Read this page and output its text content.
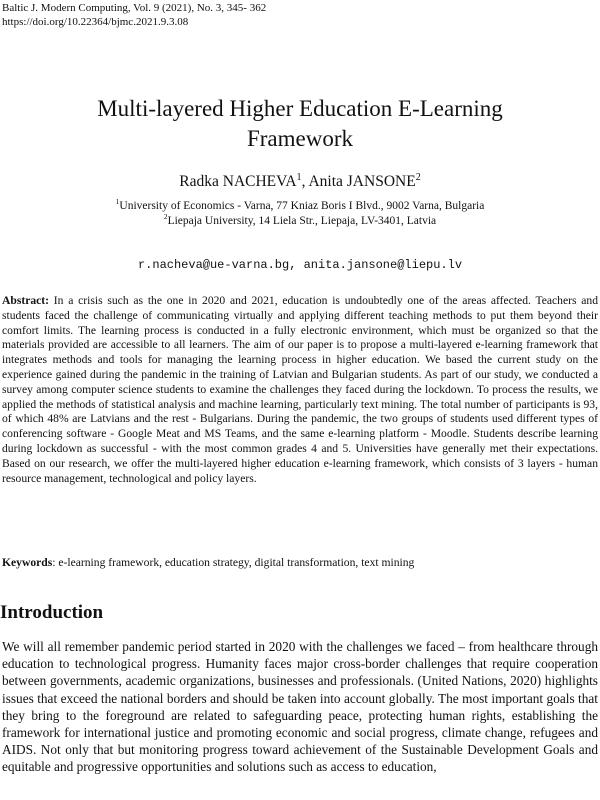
Baltic J. Modern Computing, Vol. 9 (2021), No. 3, 345- 362
https://doi.org/10.22364/bjmc.2021.9.3.08
Multi-layered Higher Education E-Learning
Framework
Radka NACHEVA$^1$, Anita JANSONE$^2$
$^1$University of Economics - Varna, 77 Kniaz Boris I Blvd., 9002 Varna, Bulgaria
$^2$Liepaja University, 14 Liela Str., Liepaja, LV-3401, Latvia
r.nacheva@ue-varna.bg, anita.jansone@liepu.lv
Abstract: In a crisis such as the one in 2020 and 2021, education is undoubtedly one of the areas affected. Teachers and students faced the challenge of communicating virtually and applying different teaching methods to put them beyond their comfort limits. The learning process is conducted in a fully electronic environment, which must be organized so that the materials provided are accessible to all learners. The aim of our paper is to propose a multi-layered e-learning framework that integrates methods and tools for managing the learning process in higher education. We based the current study on the experience gained during the pandemic in the training of Latvian and Bulgarian students. As part of our study, we conducted a survey among computer science students to examine the challenges they faced during the lockdown. To process the results, we applied the methods of statistical analysis and machine learning, particularly text mining. The total number of participants is 93, of which 48% are Latvians and the rest - Bulgarians. During the pandemic, the two groups of students used different types of conferencing software - Google Meat and MS Teams, and the same e-learning platform - Moodle. Students describe learning during lockdown as successful - with the most common grades 4 and 5. Universities have generally met their expectations. Based on our research, we offer the multi-layered higher education e-learning framework, which consists of 3 layers - human resource management, technological and policy layers.
Keywords: e-learning framework, education strategy, digital transformation, text mining
Introduction
We will all remember pandemic period started in 2020 with the challenges we faced – from healthcare through education to technological progress. Humanity faces major cross-border challenges that require cooperation between governments, academic organizations, businesses and professionals. (United Nations, 2020) highlights issues that exceed the national borders and should be taken into account globally. The most important goals that they bring to the foreground are related to safeguarding peace, protecting human rights, establishing the framework for international justice and promoting economic and social progress, climate change, refugees and AIDS. Not only that but monitoring progress toward achievement of the Sustainable Development Goals and equitable and progressive opportunities and solutions such as access to education,
